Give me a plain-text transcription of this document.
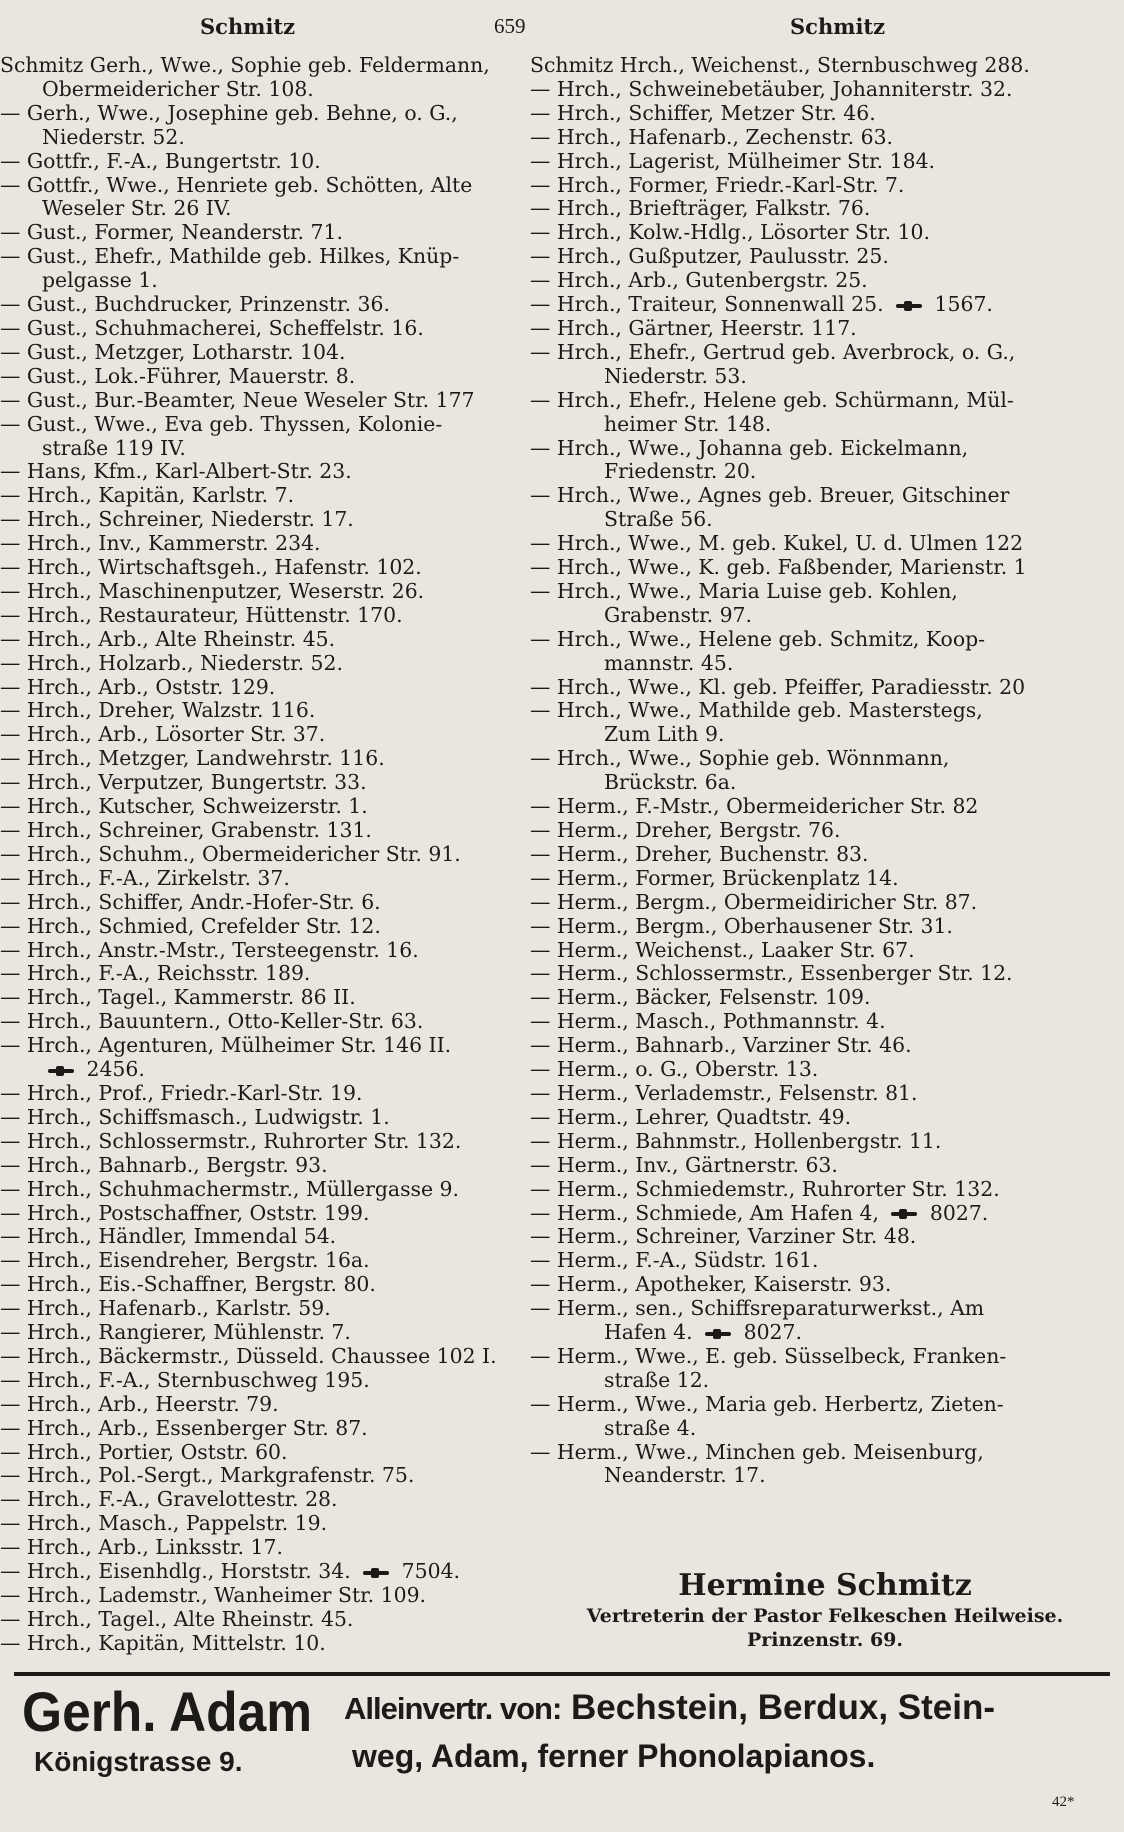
Schmitz	659	Schmitz
Schmitz Gerh., Wwe., Sophie geb. Feldermann,
Obermeidericher Str. 108.
— Gerh., Wwe., Josephine geb. Behne, o. G.,
Niederstr. 52.
— Gottfr., F.-A., Bungertstr. 10.
— Gottfr., Wwe., Henriete geb. Schötten, Alte
Weseler Str. 26 IV.
— Gust., Former, Neanderstr. 71.
— Gust., Ehefr., Mathilde geb. Hilkes, Knüp-
pelgasse 1.
— Gust., Buchdrucker, Prinzenstr. 36.
— Gust., Schuhmacherei, Scheffelstr. 16.
— Gust., Metzger, Lotharstr. 104.
— Gust., Lok.-Führer, Mauerstr. 8.
— Gust., Bur.-Beamter, Neue Weseler Str. 177
— Gust., Wwe., Eva geb. Thyssen, Kolonie-
straße 119 IV.
— Hans, Kfm., Karl-Albert-Str. 23.
— Hrch., Kapitän, Karlstr. 7.
— Hrch., Schreiner, Niederstr. 17.
— Hrch., Inv., Kammerstr. 234.
— Hrch., Wirtschaftsgeh., Hafenstr. 102.
— Hrch., Maschinenputzer, Weserstr. 26.
— Hrch., Restaurateur, Hüttenstr. 170.
— Hrch., Arb., Alte Rheinstr. 45.
— Hrch., Holzarb., Niederstr. 52.
— Hrch., Arb., Oststr. 129.
— Hrch., Dreher, Walzstr. 116.
— Hrch., Arb., Lösorter Str. 37.
— Hrch., Metzger, Landwehrstr. 116.
— Hrch., Verputzer, Bungertstr. 33.
— Hrch., Kutscher, Schweizerstr. 1.
— Hrch., Schreiner, Grabenstr. 131.
— Hrch., Schuhm., Obermeidericher Str. 91.
— Hrch., F.-A., Zirkelstr. 37.
— Hrch., Schiffer, Andr.-Hofer-Str. 6.
— Hrch., Schmied, Crefelder Str. 12.
— Hrch., Anstr.-Mstr., Tersteegenstr. 16.
— Hrch., F.-A., Reichsstr. 189.
— Hrch., Tagel., Kammerstr. 86 II.
— Hrch., Bauuntern., Otto-Keller-Str. 63.
— Hrch., Agenturen, Mülheimer Str. 146 II.
2456.
— Hrch., Prof., Friedr.-Karl-Str. 19.
— Hrch., Schiffsmasch., Ludwigstr. 1.
— Hrch., Schlossermstr., Ruhrorter Str. 132.
— Hrch., Bahnarb., Bergstr. 93.
— Hrch., Schuhmachermstr., Müllergasse 9.
— Hrch., Postschaffner, Oststr. 199.
— Hrch., Händler, Immendal 54.
— Hrch., Eisendreher, Bergstr. 16a.
— Hrch., Eis.-Schaffner, Bergstr. 80.
— Hrch., Hafenarb., Karlstr. 59.
— Hrch., Rangierer, Mühlenstr. 7.
— Hrch., Bäckermstr., Düsseld. Chaussee 102 I.
— Hrch., F.-A., Sternbuschweg 195.
— Hrch., Arb., Heerstr. 79.
— Hrch., Arb., Essenberger Str. 87.
— Hrch., Portier, Oststr. 60.
— Hrch., Pol.-Sergt., Markgrafenstr. 75.
— Hrch., F.-A., Gravelottestr. 28.
— Hrch., Masch., Pappelstr. 19.
— Hrch., Arb., Linksstr. 17.
— Hrch., Eisenhdlg., Horststr. 34.  7504.
— Hrch., Lademstr., Wanheimer Str. 109.
— Hrch., Tagel., Alte Rheinstr. 45.
— Hrch., Kapitän, Mittelstr. 10.
Schmitz Hrch., Weichenst., Sternbuschweg 288.
— Hrch., Schweinebetäuber, Johanniterstr. 32.
— Hrch., Schiffer, Metzer Str. 46.
— Hrch., Hafenarb., Zechenstr. 63.
— Hrch., Lagerist, Mülheimer Str. 184.
— Hrch., Former, Friedr.-Karl-Str. 7.
— Hrch., Briefträger, Falkstr. 76.
— Hrch., Kolw.-Hdlg., Lösorter Str. 10.
— Hrch., Gußputzer, Paulusstr. 25.
— Hrch., Arb., Gutenbergstr. 25.
— Hrch., Traiteur, Sonnenwall 25.  1567.
— Hrch., Gärtner, Heerstr. 117.
— Hrch., Ehefr., Gertrud geb. Averbrock, o. G.,
Niederstr. 53.
— Hrch., Ehefr., Helene geb. Schürmann, Mül-
heimer Str. 148.
— Hrch., Wwe., Johanna geb. Eickelmann,
Friedenstr. 20.
— Hrch., Wwe., Agnes geb. Breuer, Gitschiner
Straße 56.
— Hrch., Wwe., M. geb. Kukel, U. d. Ulmen 122
— Hrch., Wwe., K. geb. Faßbender, Marienstr. 1
— Hrch., Wwe., Maria Luise geb. Kohlen,
Grabenstr. 97.
— Hrch., Wwe., Helene geb. Schmitz, Koop-
mannstr. 45.
— Hrch., Wwe., Kl. geb. Pfeiffer, Paradiesstr. 20
— Hrch., Wwe., Mathilde geb. Masterstegs,
Zum Lith 9.
— Hrch., Wwe., Sophie geb. Wönnmann,
Brückstr. 6a.
— Herm., F.-Mstr., Obermeidericher Str. 82
— Herm., Dreher, Bergstr. 76.
— Herm., Dreher, Buchenstr. 83.
— Herm., Former, Brückenplatz 14.
— Herm., Bergm., Obermeidiricher Str. 87.
— Herm., Bergm., Oberhausener Str. 31.
— Herm., Weichenst., Laaker Str. 67.
— Herm., Schlossermstr., Essenberger Str. 12.
— Herm., Bäcker, Felsenstr. 109.
— Herm., Masch., Pothmannstr. 4.
— Herm., Bahnarb., Varziner Str. 46.
— Herm., o. G., Oberstr. 13.
— Herm., Verlademstr., Felsenstr. 81.
— Herm., Lehrer, Quadtstr. 49.
— Herm., Bahnmstr., Hollenbergstr. 11.
— Herm., Inv., Gärtnerstr. 63.
— Herm., Schmiedemstr., Ruhrorter Str. 132.
— Herm., Schmiede, Am Hafen 4,  8027.
— Herm., Schreiner, Varziner Str. 48.
— Herm., F.-A., Südstr. 161.
— Herm., Apotheker, Kaiserstr. 93.
— Herm., sen., Schiffsreparaturwerkst., Am
Hafen 4.  8027.
— Herm., Wwe., E. geb. Süsselbeck, Franken-
straße 12.
— Herm., Wwe., Maria geb. Herbertz, Zieten-
straße 4.
— Herm., Wwe., Minchen geb. Meisenburg,
Neanderstr. 17.
Hermine Schmitz
Vertreterin der Pastor Felkeschen Heilweise.
Prinzenstr. 69.
Gerh. Adam
Königstrasse 9.
Alleinvertr. von: Bechstein, Berdux, Stein-
weg, Adam, ferner Phonolapianos.
42*
